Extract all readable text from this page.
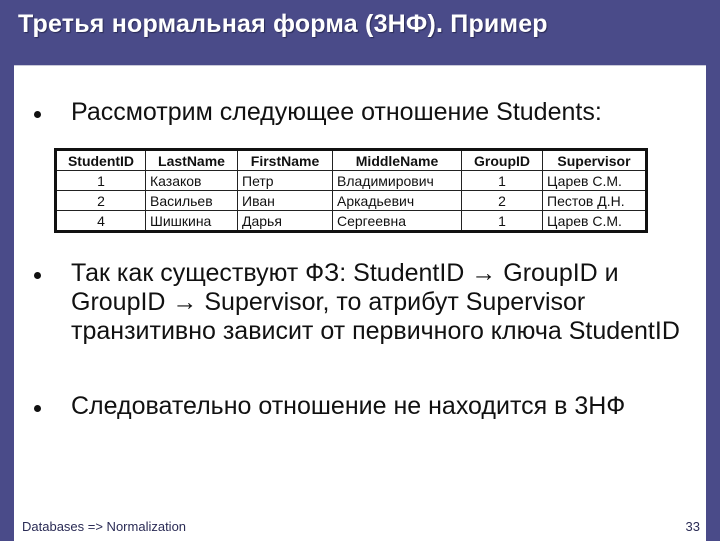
Третья нормальная форма (3НФ). Пример
Рассмотрим следующее отношение Students:
StudentID	LastName	FirstName	MiddleName	GroupID	Supervisor
1	Казаков	Петр	Владимирович	1	Царев С.М.
2	Васильев	Иван	Аркадьевич	2	Пестов Д.Н.
4	Шишкина	Дарья	Сергеевна	1	Царев С.М.
Так как существуют ФЗ: StudentID → GroupID и GroupID → Supervisor, то атрибут Supervisor транзитивно зависит от первичного ключа StudentID
Следовательно отношение не находится в 3НФ
Databases => Normalization	33
